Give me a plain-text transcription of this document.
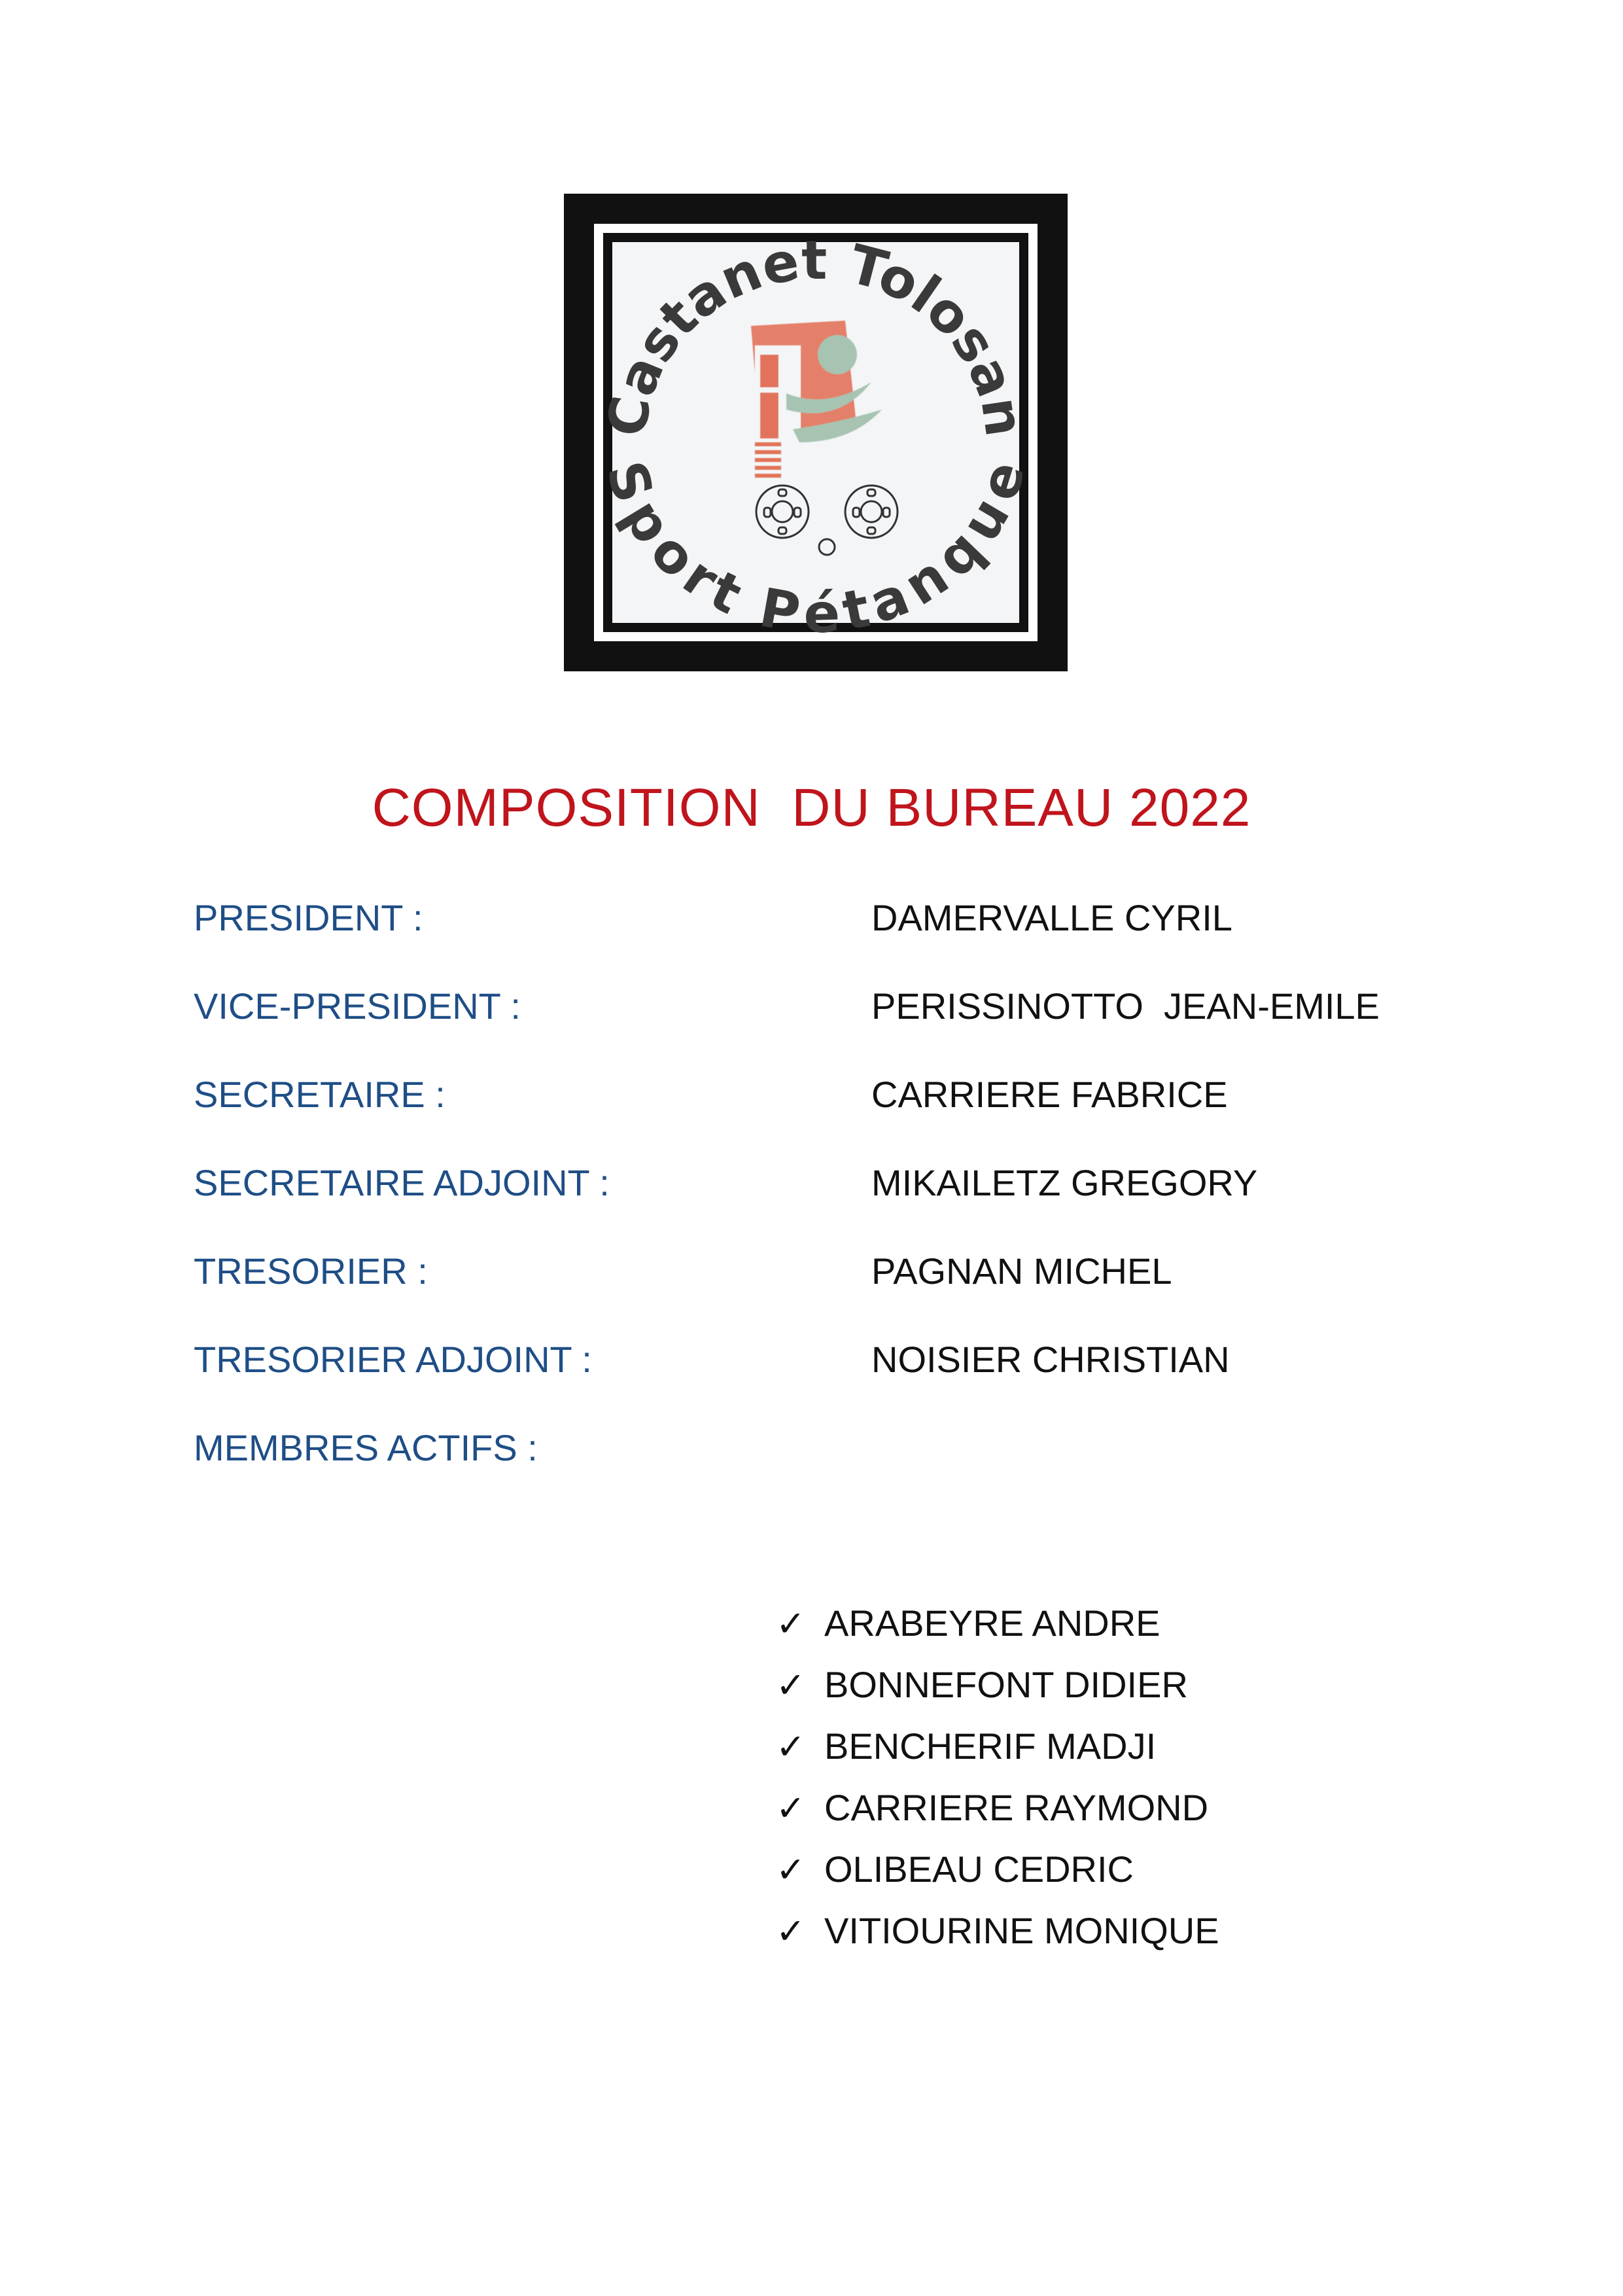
Castanet Tolosan
Sport Pétanque
COMPOSITION  DU BUREAU 2022
PRESIDENT :	DAMERVALLE CYRIL
VICE-PRESIDENT :	PERISSINOTTO  JEAN-EMILE
SECRETAIRE :	CARRIERE FABRICE
SECRETAIRE ADJOINT :	MIKAILETZ GREGORY
TRESORIER :	PAGNAN MICHEL
TRESORIER ADJOINT :	NOISIER CHRISTIAN
MEMBRES ACTIFS :
✓ ARABEYRE ANDRE
✓ BONNEFONT DIDIER
✓ BENCHERIF MADJI
✓ CARRIERE RAYMOND
✓ OLIBEAU CEDRIC
✓ VITIOURINE MONIQUE
